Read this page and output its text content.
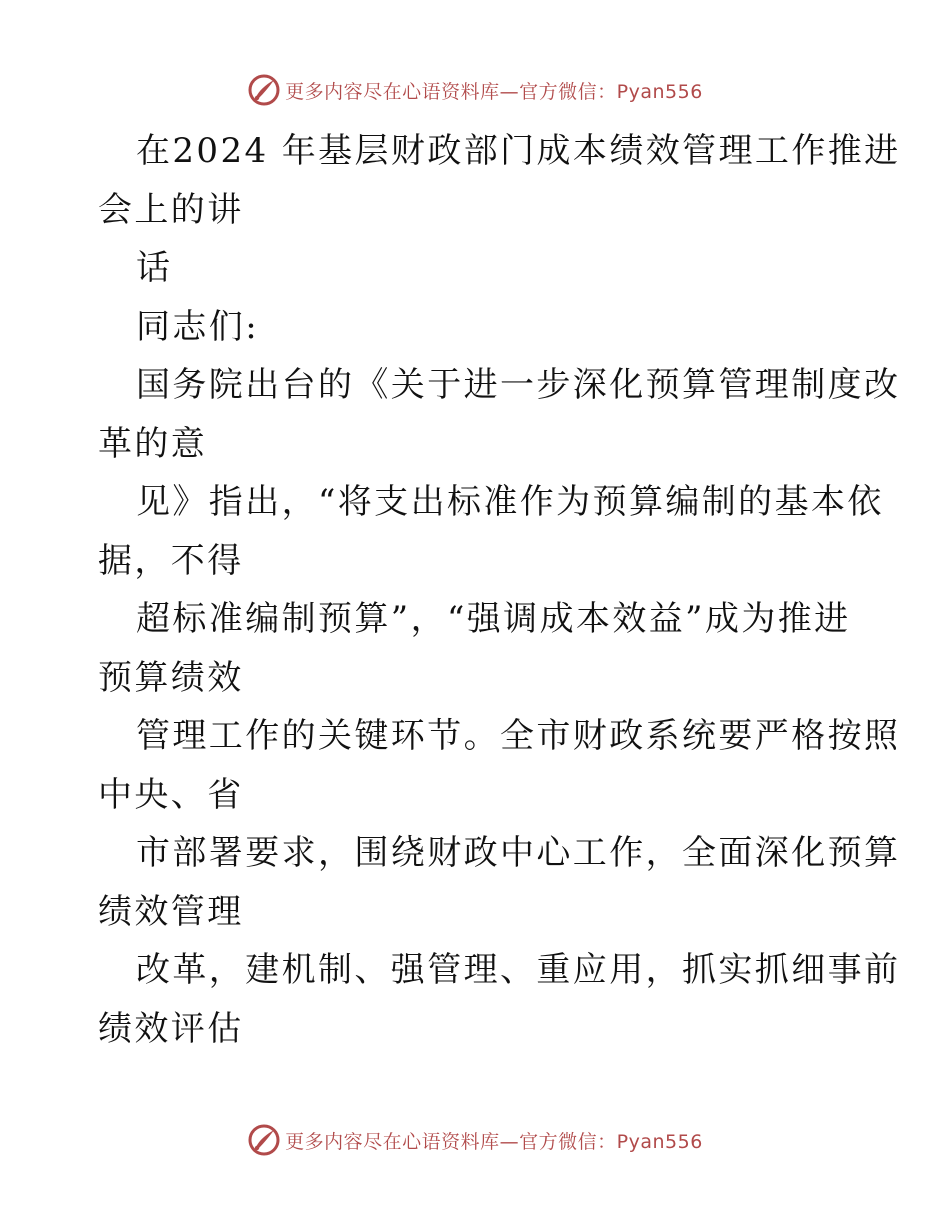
更多内容尽在心语资料库—官方微信：Pyan556
在2024 年基层财政部门成本绩效管理工作推进
会上的讲
话
同志们:
国务院出台的《关于进一步深化预算管理制度改
革的意
见》指出，“将支出标准作为预算编制的基本依
据，不得
超标准编制预算”，“强调成本效益”成为推进
预算绩效
管理工作的关键环节。全市财政系统要严格按照
中央、省
市部署要求，围绕财政中心工作，全面深化预算
绩效管理
改革，建机制、强管理、重应用，抓实抓细事前
绩效评估
更多内容尽在心语资料库—官方微信：Pyan556
